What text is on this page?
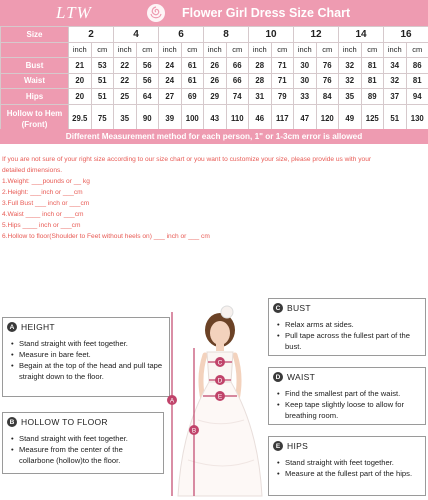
LTW	Flower Girl Dress Size Chart
Size	2		4		6		8		10		12		14		16	
	inch	cm	inch	cm	inch	cm	inch	cm	inch	cm	inch	cm	inch	cm	inch	cm
Bust	21	53	22	56	24	61	26	66	28	71	30	76	32	81	34	86
Waist	20	51	22	56	24	61	26	66	28	71	30	76	32	81	32	81
Hips	20	51	25	64	27	69	29	74	31	79	33	84	35	89	37	94
Hollow to Hem (Front)	29.5	75	35	90	39	100	43	110	46	117	47	120	49	125	51	130
Different Measurement method for each person, 1" or 1-3cm error is allowed
If you are not sure of your right size according to our size chart or you want to customize your size, please provide us with your
detailed dimensions.
1.Weight: ___pounds or __ kg
2.Height: ___inch or ___cm
3.Full Bust ___ inch or ___cm
4.Waist ____ inch or ___cm
5.Hips ____ inch or ___cm
6.Hollow to floor(Shoulder to Feet without heels on) ___ inch or ___ cm
A HEIGHT
• Stand straight with feet together.
• Measure in bare feet.
• Begain at the top of the head and pull tape straight down to the floor.
B HOLLOW TO FLOOR
• Stand straight with feet together.
• Measure from the center of the collarbone (hollow)to the floor.
C BUST
• Relax arms at sides.
• Pull tape across the fullest part of the bust.
D WAIST
• Find the smallest part of the waist.
• Keep tape slightly loose to allow for breathing room.
E HIPS
• Stand straight with feet together.
• Measure at the fullest part of the hips.
A
B
C
D
E
